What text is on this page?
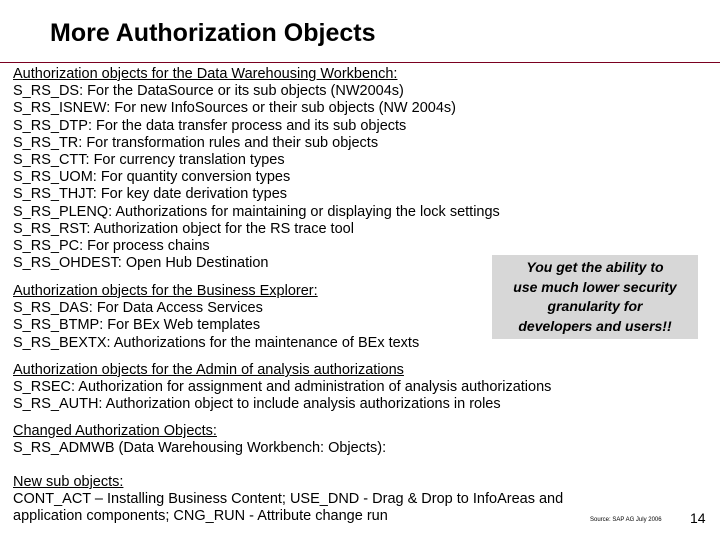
More Authorization Objects
Authorization objects for the Data Warehousing Workbench:
S_RS_DS: For the DataSource or its sub objects (NW2004s)
S_RS_ISNEW: For new InfoSources or their sub objects (NW 2004s)
S_RS_DTP: For the data transfer process and its sub objects
S_RS_TR: For transformation rules and their sub objects
S_RS_CTT: For currency translation types
S_RS_UOM: For quantity conversion types
S_RS_THJT: For key date derivation types
S_RS_PLENQ: Authorizations for maintaining or displaying the lock settings
S_RS_RST: Authorization object for the RS trace tool
S_RS_PC: For process chains
S_RS_OHDEST: Open Hub Destination
Authorization objects for the Business Explorer:
S_RS_DAS: For Data Access Services
S_RS_BTMP: For BEx Web templates
S_RS_BEXTX: Authorizations for the maintenance of BEx texts
You get the ability to
use much lower security
granularity for
developers and users!!
Authorization objects for the Admin of analysis authorizations
S_RSEC: Authorization for assignment and administration of analysis authorizations
S_RS_AUTH: Authorization object to include analysis authorizations in roles
Changed Authorization Objects:
S_RS_ADMWB (Data Warehousing Workbench: Objects):
New sub objects:
CONT_ACT – Installing Business Content; USE_DND - Drag & Drop to InfoAreas and
application components; CNG_RUN - Attribute change run	Source: SAP AG July 2006 14
